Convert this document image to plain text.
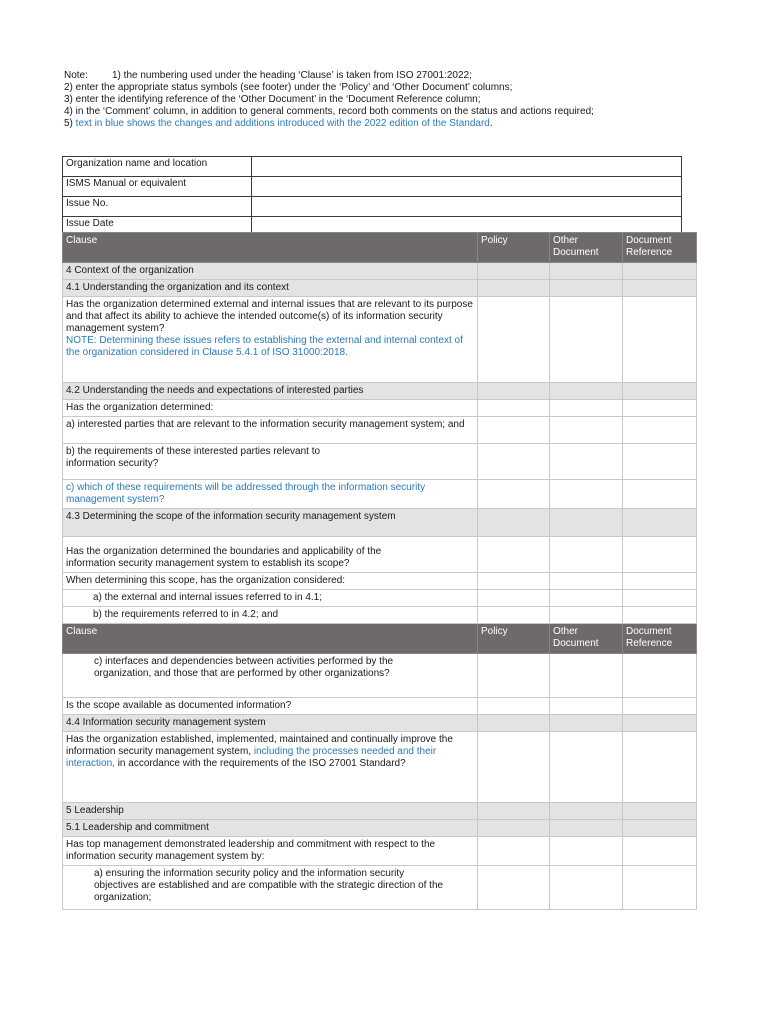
Note: 1) the numbering used under the heading ‘Clause’ is taken from ISO 27001:2022;
2) enter the appropriate status symbols (see footer) under the ‘Policy’ and ‘Other Document’ columns;
3) enter the identifying reference of the ‘Other Document’ in the ‘Document Reference column;
4) in the ‘Comment’ column, in addition to general comments, record both comments on the status and actions required;
5) text in blue shows the changes and additions introduced with the 2022 edition of the Standard.
Organization name and location	
ISMS Manual or equivalent	
Issue No.	
Issue Date	
Clause	Policy	Other Document	Document Reference
4 Context of the organization			
4.1 Understanding the organization and its context			
Has the organization determined external and internal issues that are relevant to its purpose and that affect its ability to achieve the intended outcome(s) of its information security management system?
NOTE: Determining these issues refers to establishing the external and internal context of the organization considered in Clause 5.4.1 of ISO 31000:2018.			
4.2 Understanding the needs and expectations of interested parties			
Has the organization determined:			
a) interested parties that are relevant to the information security management system; and			

b) the requirements of these interested parties relevant to information security?			

c) which of these requirements will be addressed through the information security management system?			
4.3 Determining the scope of the information security management system			

Has the organization determined the boundaries and applicability of the information security management system to establish its scope?			

When determining this scope, has the organization considered:			
a) the external and internal issues referred to in 4.1;			
b) the requirements referred to in 4.2; and			
Clause	Policy	Other Document	Document Reference

c) interfaces and dependencies between activities performed by the organization, and those that are performed by other organizations?			

Is the scope available as documented information?			
4.4 Information security management system			
Has the organization established, implemented, maintained and continually improve the information security management system, including the processes needed and their interaction, in accordance with the requirements of the ISO 27001 Standard?			
5 Leadership			
5.1 Leadership and commitment			
Has top management demonstrated leadership and commitment with respect to the information security management system by:			

a) ensuring the information security policy and the information security objectives are established and are compatible with the strategic direction of the organization;			
